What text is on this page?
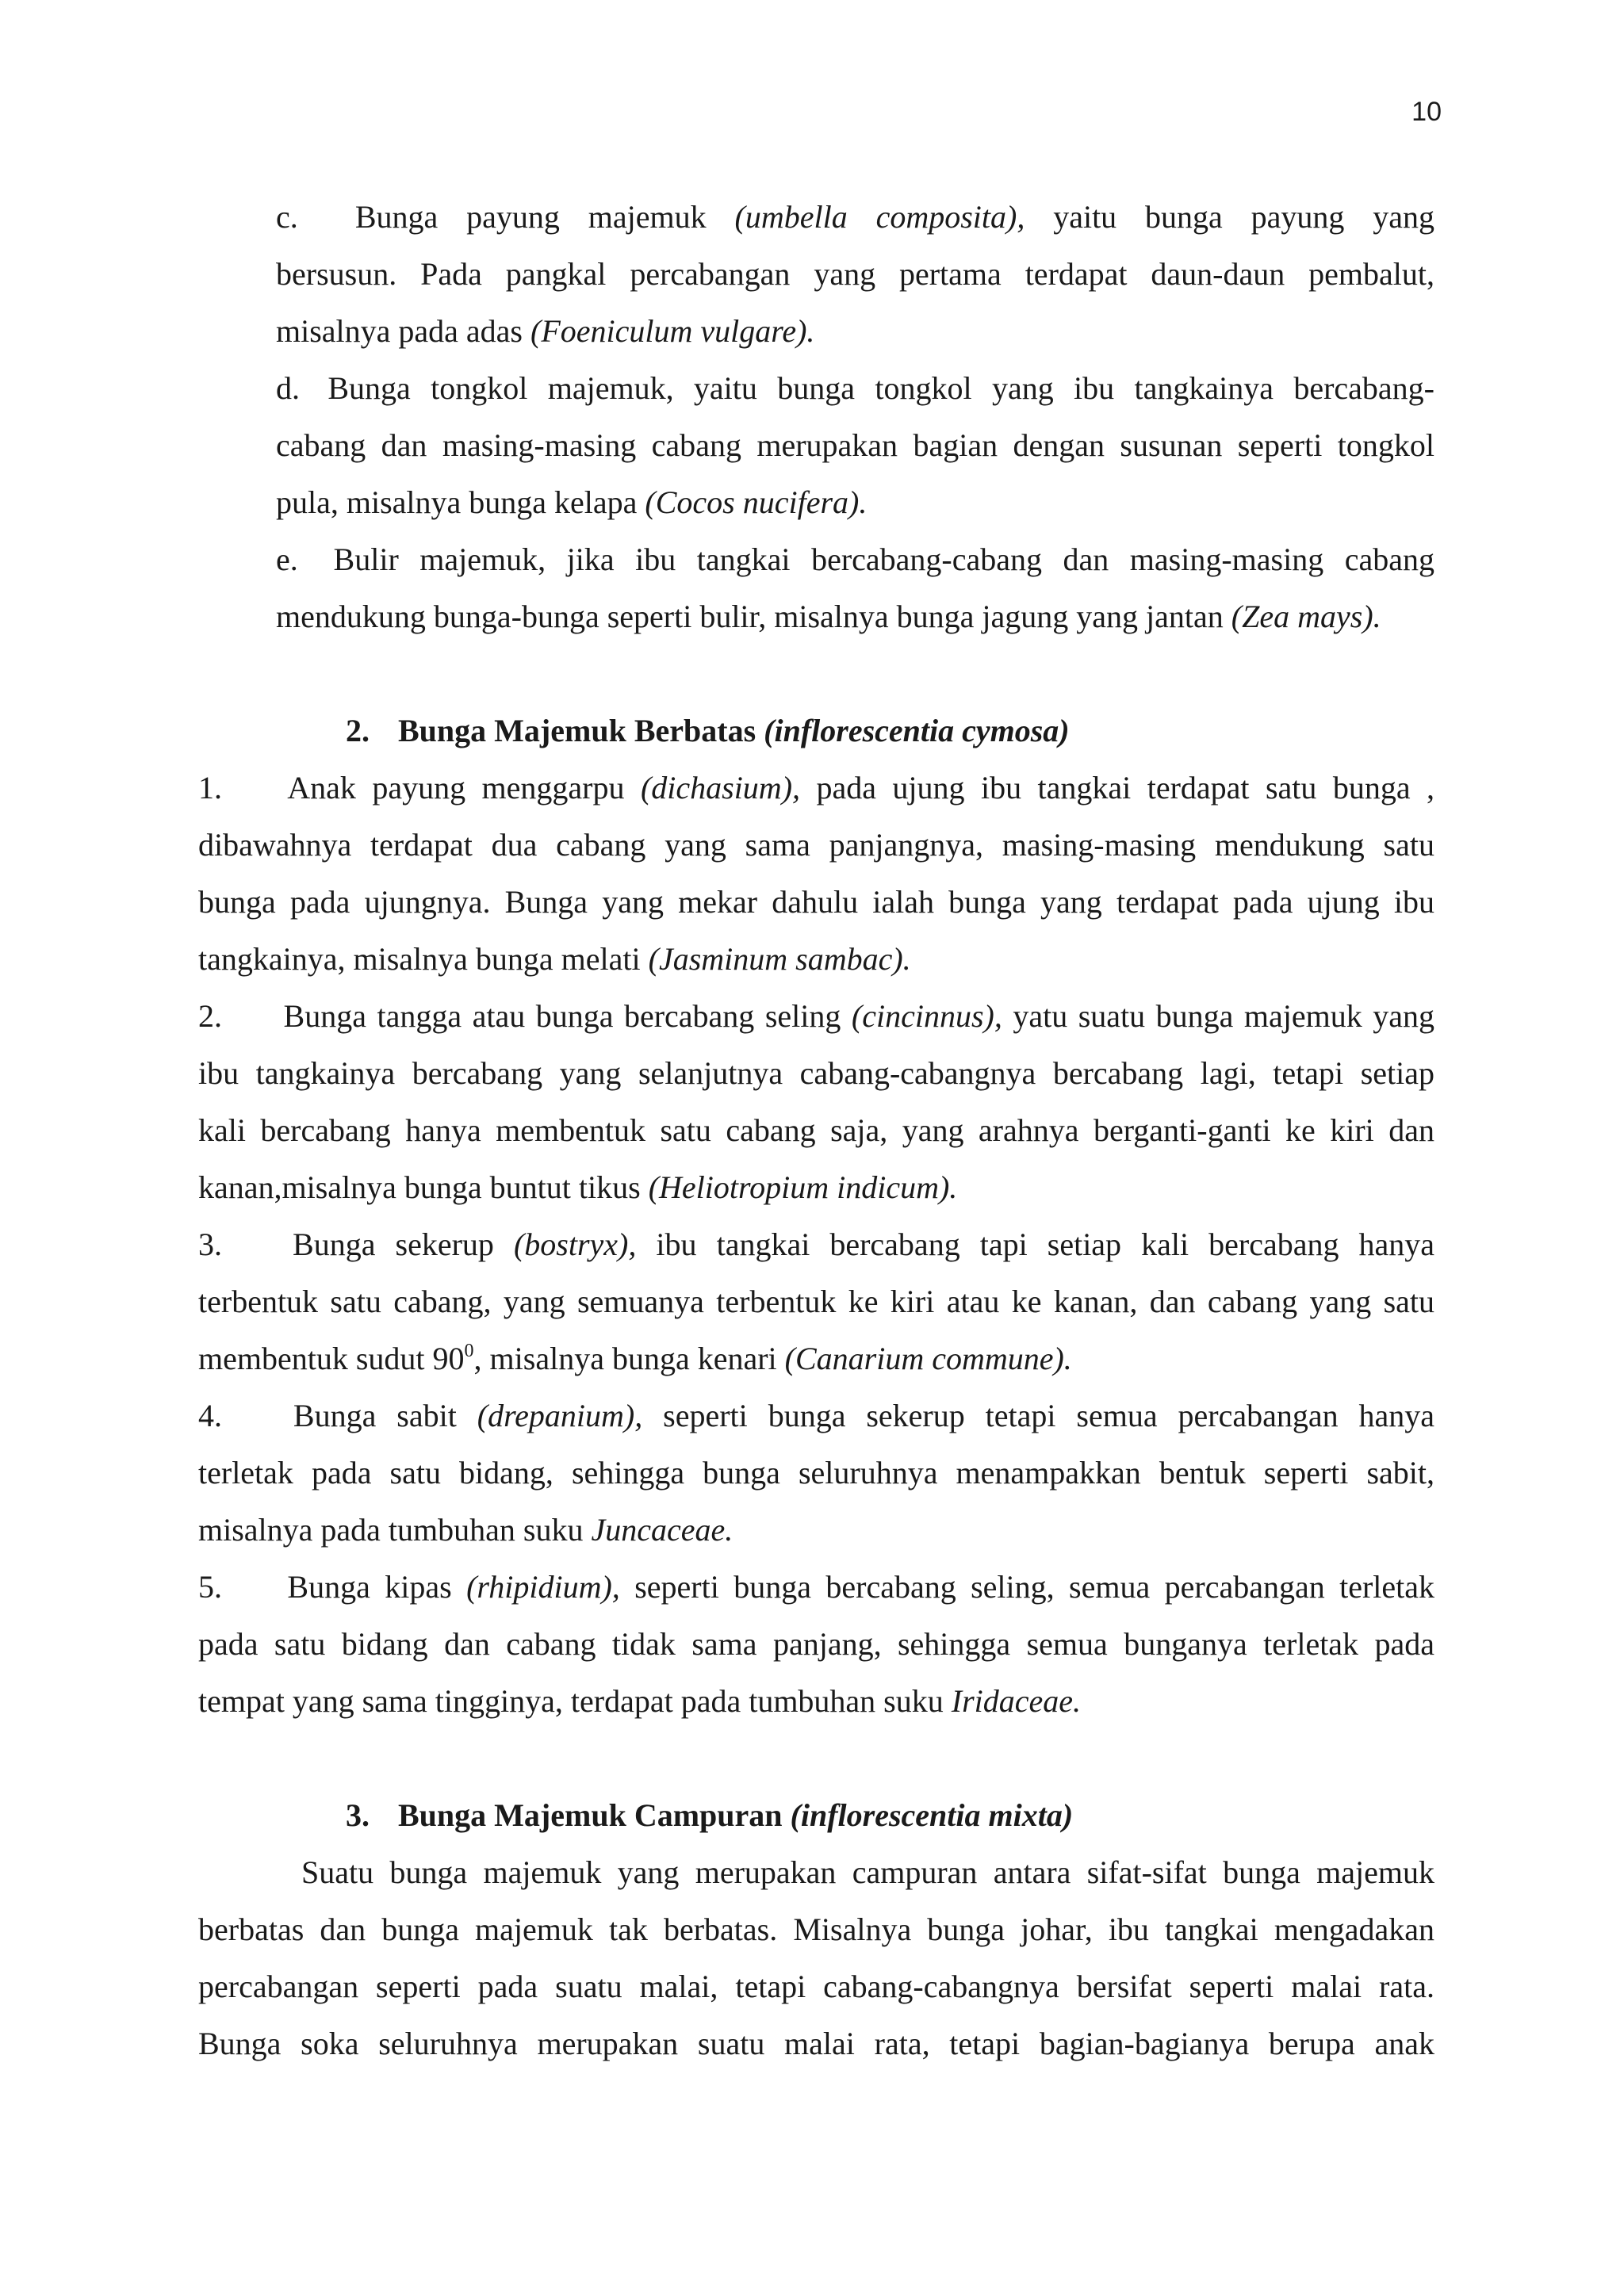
10
c. Bunga payung majemuk (umbella composita), yaitu bunga payung yang
bersusun. Pada pangkal percabangan yang pertama terdapat daun-daun pembalut,
misalnya pada adas (Foeniculum vulgare).
d. Bunga tongkol majemuk, yaitu bunga tongkol yang ibu tangkainya bercabang-
cabang dan masing-masing cabang merupakan bagian dengan susunan seperti tongkol
pula, misalnya bunga kelapa (Cocos nucifera).
e. Bulir majemuk, jika ibu tangkai bercabang-cabang dan masing-masing cabang
mendukung bunga-bunga seperti bulir, misalnya bunga jagung yang jantan (Zea mays).
2. Bunga Majemuk Berbatas (inflorescentia cymosa)
1. Anak payung menggarpu (dichasium), pada ujung ibu tangkai terdapat satu bunga ,
dibawahnya terdapat dua cabang yang sama panjangnya, masing-masing mendukung satu
bunga pada ujungnya. Bunga yang mekar dahulu ialah bunga yang terdapat pada ujung ibu
tangkainya, misalnya bunga melati (Jasminum sambac).
2. Bunga tangga atau bunga bercabang seling (cincinnus), yatu suatu bunga majemuk yang
ibu tangkainya bercabang yang selanjutnya cabang-cabangnya bercabang lagi, tetapi setiap
kali bercabang hanya membentuk satu cabang saja, yang arahnya berganti-ganti ke kiri dan
kanan,misalnya bunga buntut tikus (Heliotropium indicum).
3. Bunga sekerup (bostryx), ibu tangkai bercabang tapi setiap kali bercabang hanya
terbentuk satu cabang, yang semuanya terbentuk ke kiri atau ke kanan, dan cabang yang satu
membentuk sudut $90^0$, misalnya bunga kenari (Canarium commune).
4. Bunga sabit (drepanium), seperti bunga sekerup tetapi semua percabangan hanya
terletak pada satu bidang, sehingga bunga seluruhnya menampakkan bentuk seperti sabit,
misalnya pada tumbuhan suku Juncaceae.
5. Bunga kipas (rhipidium), seperti bunga bercabang seling, semua percabangan terletak
pada satu bidang dan cabang tidak sama panjang, sehingga semua bunganya terletak pada
tempat yang sama tingginya, terdapat pada tumbuhan suku Iridaceae.
3. Bunga Majemuk Campuran (inflorescentia mixta)
Suatu bunga majemuk yang merupakan campuran antara sifat-sifat bunga majemuk
berbatas dan bunga majemuk tak berbatas. Misalnya bunga johar, ibu tangkai mengadakan
percabangan seperti pada suatu malai, tetapi cabang-cabangnya bersifat seperti malai rata.
Bunga soka seluruhnya merupakan suatu malai rata, tetapi bagian-bagianya berupa anak
